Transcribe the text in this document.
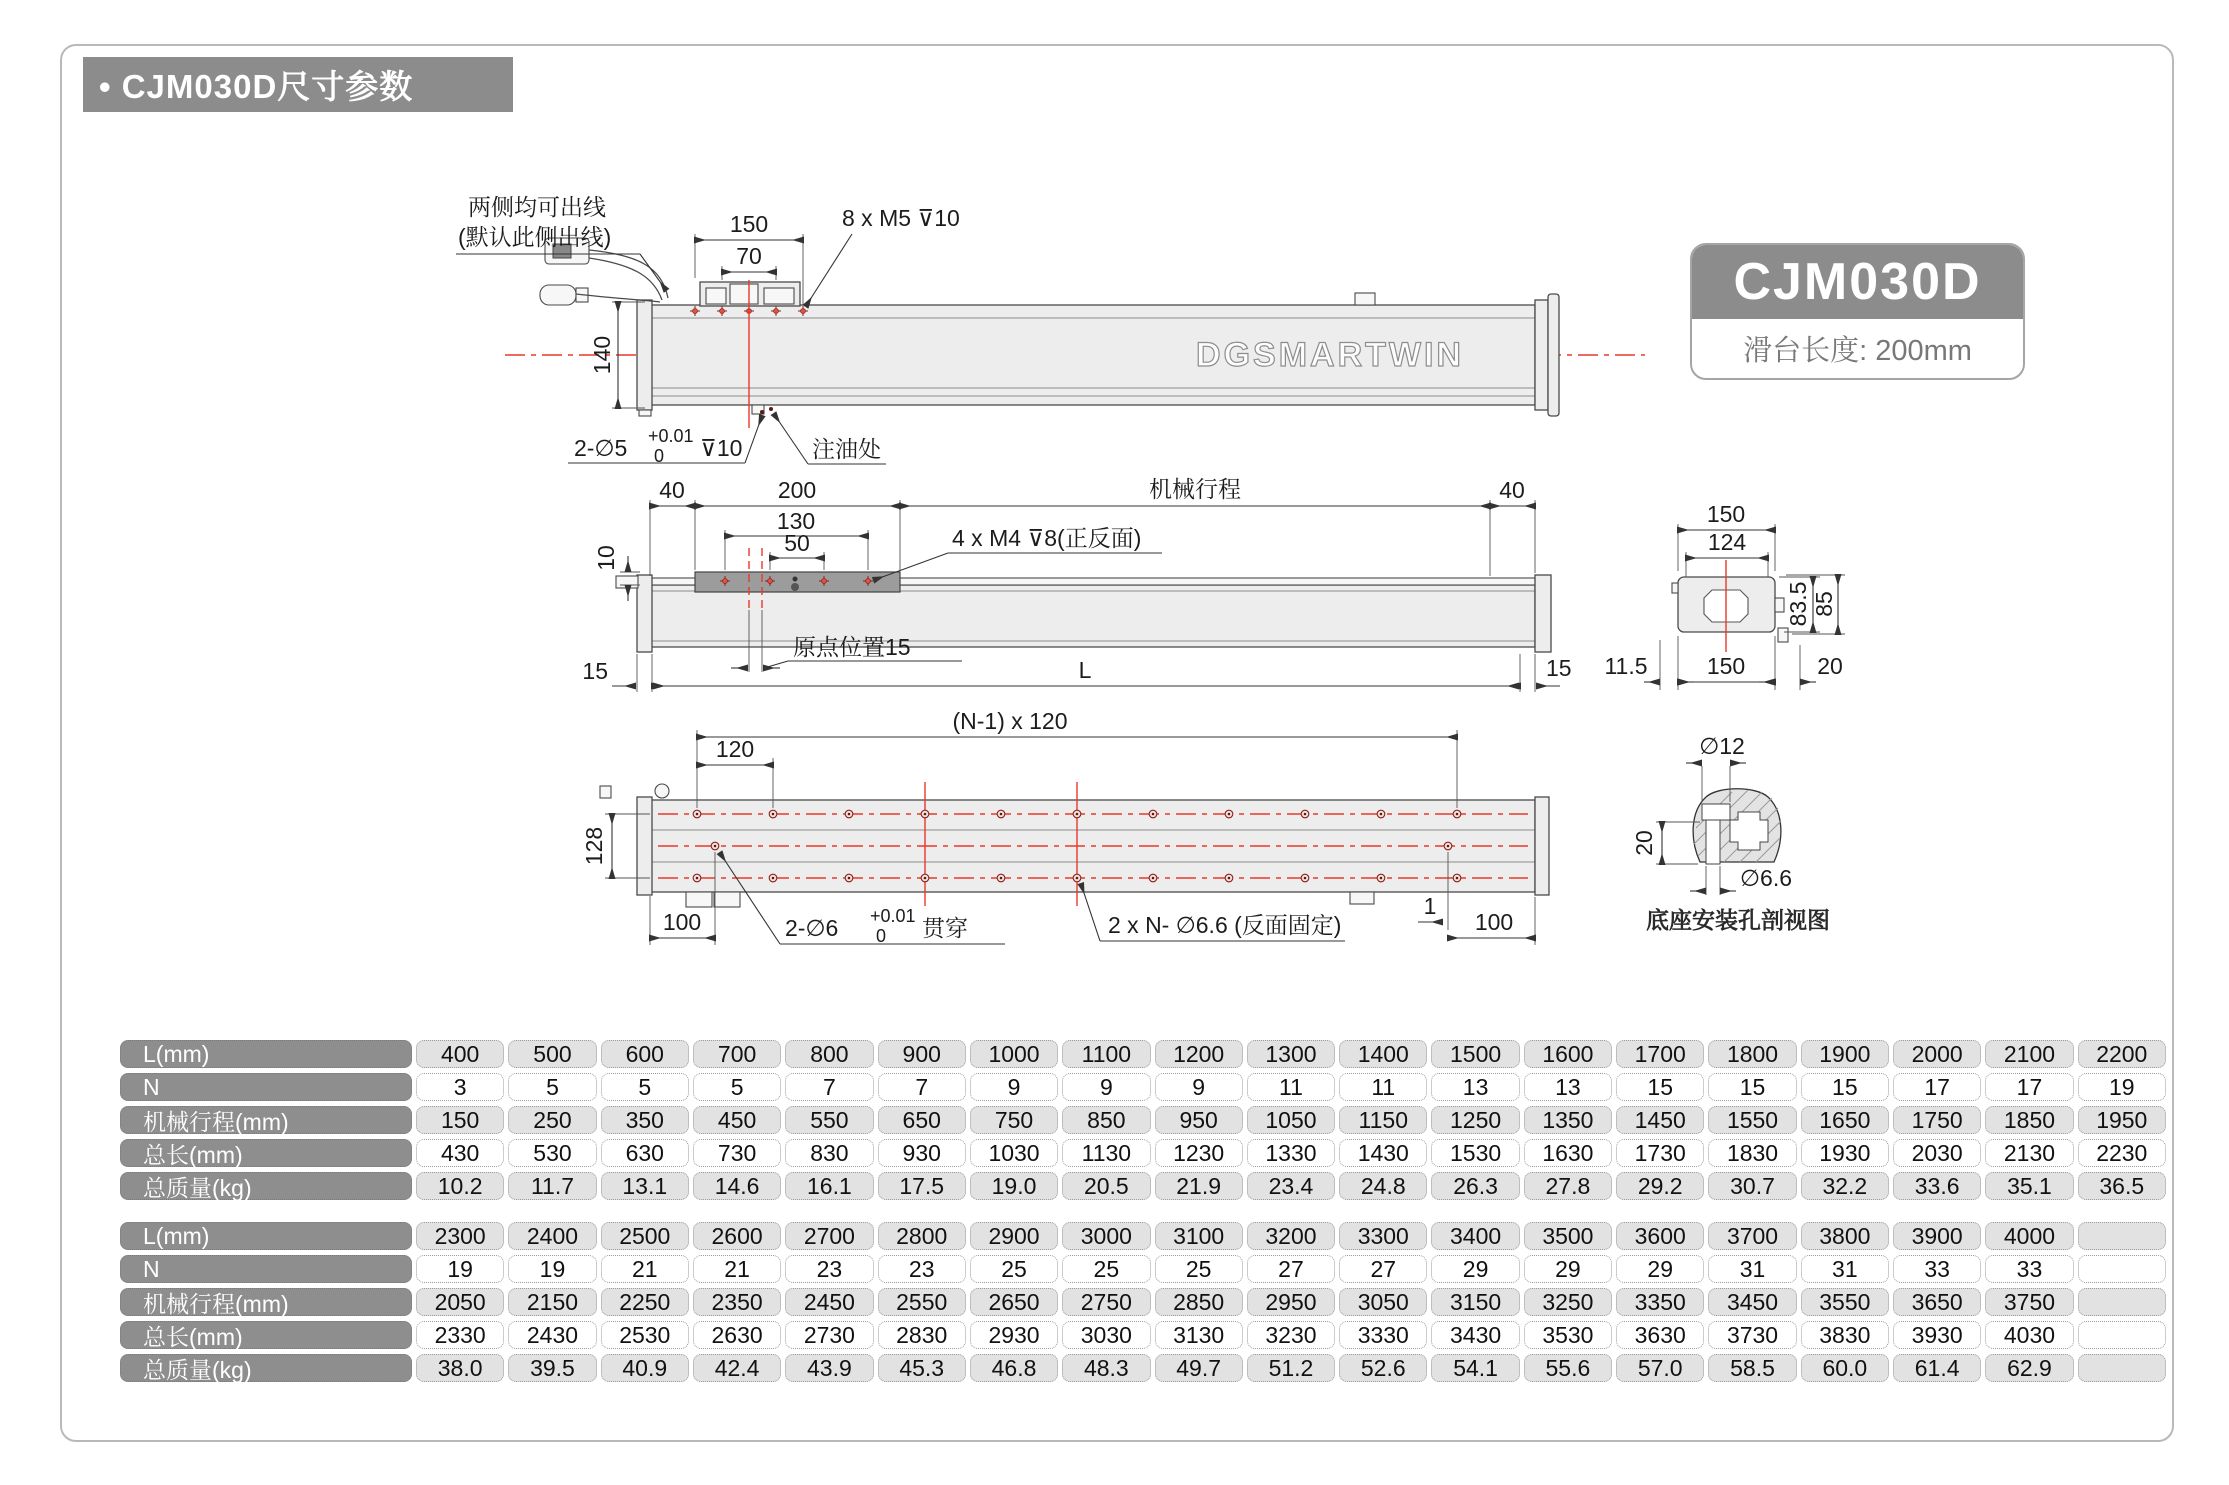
• CJM030D尺寸参数
CJM030D
滑台长度: 200mm
两侧均可出线
(默认此侧出线)	150
70
8 x M5 ⊽10
140
2-∅5 +0.01
0 ⊽10	注油处
DGSMARTWIN
40	200	机械行程	40
130
50
10
4 x M4 ⊽8(正反面)
原点位置15
15	L	15
150
124
83.5 85
11.5	150	20
(N-1) x 120
120
128
100	2-∅6 +0.01
0 贯穿	2 x N- ∅6.6 (反面固定)
1
100
∅12
20
∅6.6
底座安装孔剖视图
L(mm)	400	500	600	700	800	900	1000	1100	1200	1300	1400	1500	1600	1700	1800	1900	2000	2100	2200
N	3	5	5	5	7	7	9	9	9	11	11	13	13	15	15	15	17	17	19
机械行程(mm)	150	250	350	450	550	650	750	850	950	1050	1150	1250	1350	1450	1550	1650	1750	1850	1950
总长(mm)	430	530	630	730	830	930	1030	1130	1230	1330	1430	1530	1630	1730	1830	1930	2030	2130	2230
总质量(kg)	10.2	11.7	13.1	14.6	16.1	17.5	19.0	20.5	21.9	23.4	24.8	26.3	27.8	29.2	30.7	32.2	33.6	35.1	36.5
L(mm)	2300	2400	2500	2600	2700	2800	2900	3000	3100	3200	3300	3400	3500	3600	3700	3800	3900	4000
N	19	19	21	21	23	23	25	25	25	27	27	29	29	29	31	31	33	33
机械行程(mm)	2050	2150	2250	2350	2450	2550	2650	2750	2850	2950	3050	3150	3250	3350	3450	3550	3650	3750
总长(mm)	2330	2430	2530	2630	2730	2830	2930	3030	3130	3230	3330	3430	3530	3630	3730	3830	3930	4030
总质量(kg)	38.0	39.5	40.9	42.4	43.9	45.3	46.8	48.3	49.7	51.2	52.6	54.1	55.6	57.0	58.5	60.0	61.4	62.9
